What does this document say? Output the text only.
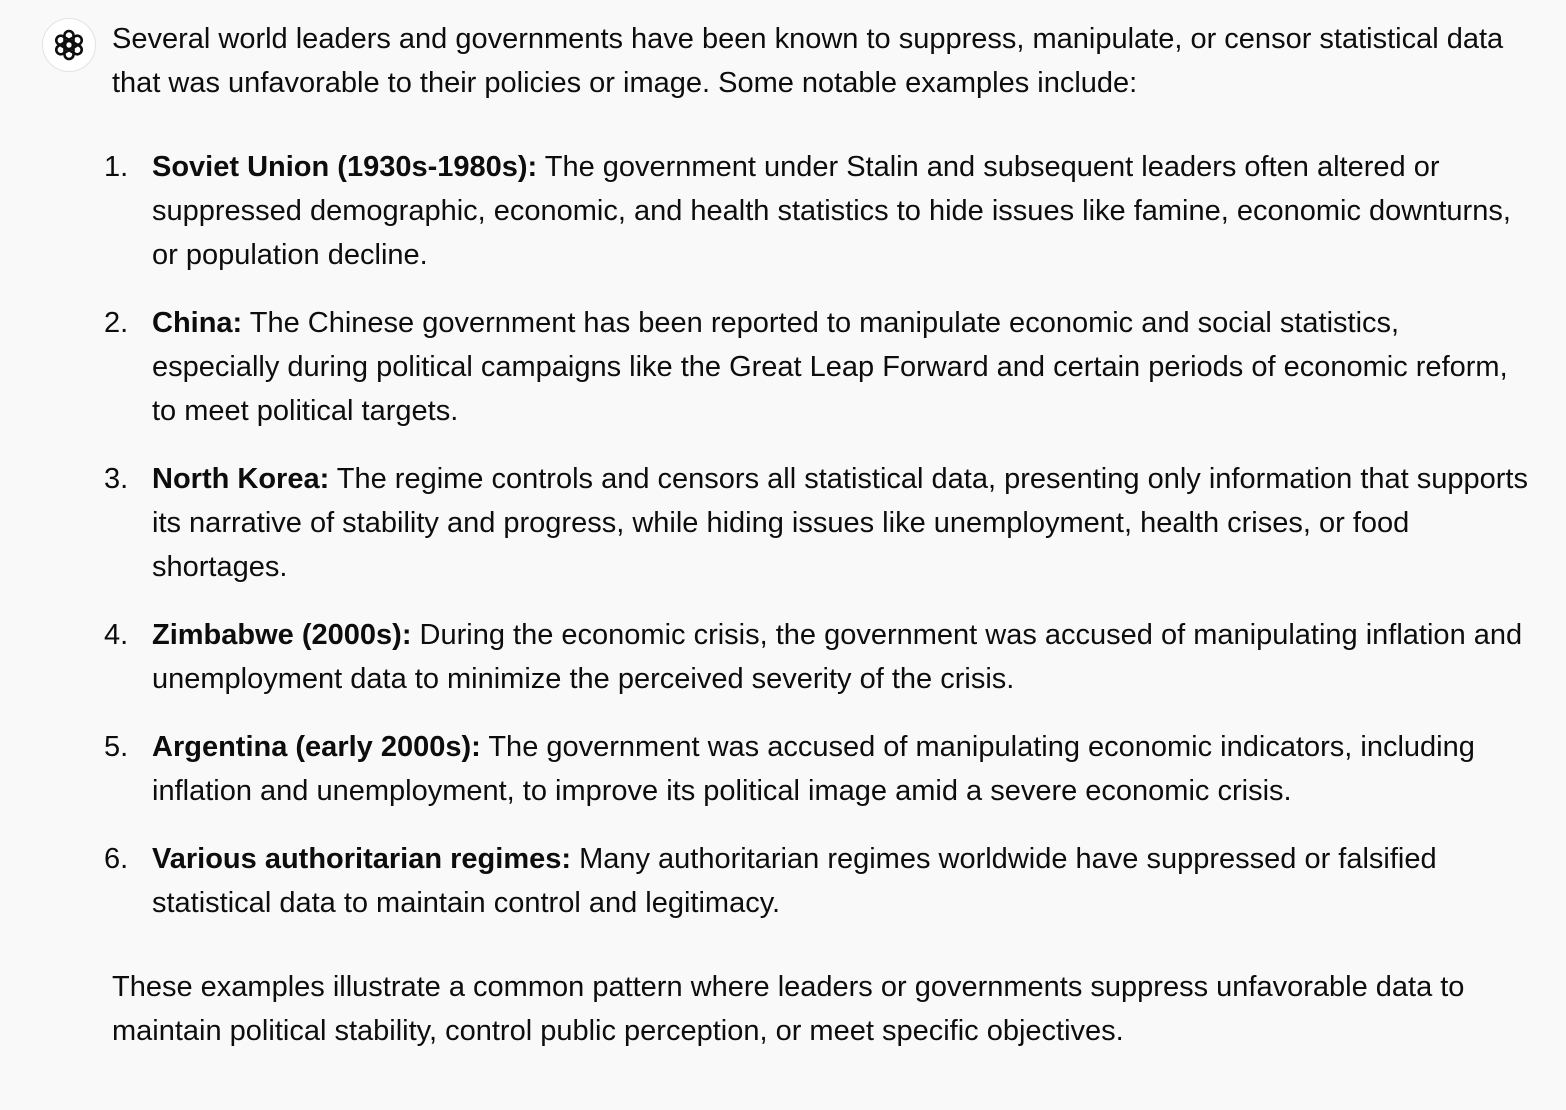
Several world leaders and governments have been known to suppress, manipulate, or censor statistical data that was unfavorable to their policies or image. Some notable examples include:

1. Soviet Union (1930s-1980s): The government under Stalin and subsequent leaders often altered or suppressed demographic, economic, and health statistics to hide issues like famine, economic downturns, or population decline.
2. China: The Chinese government has been reported to manipulate economic and social statistics, especially during political campaigns like the Great Leap Forward and certain periods of economic reform, to meet political targets.
3. North Korea: The regime controls and censors all statistical data, presenting only information that supports its narrative of stability and progress, while hiding issues like unemployment, health crises, or food shortages.
4. Zimbabwe (2000s): During the economic crisis, the government was accused of manipulating inflation and unemployment data to minimize the perceived severity of the crisis.
5. Argentina (early 2000s): The government was accused of manipulating economic indicators, including inflation and unemployment, to improve its political image amid a severe economic crisis.
6. Various authoritarian regimes: Many authoritarian regimes worldwide have suppressed or falsified statistical data to maintain control and legitimacy.

These examples illustrate a common pattern where leaders or governments suppress unfavorable data to maintain political stability, control public perception, or meet specific objectives.
